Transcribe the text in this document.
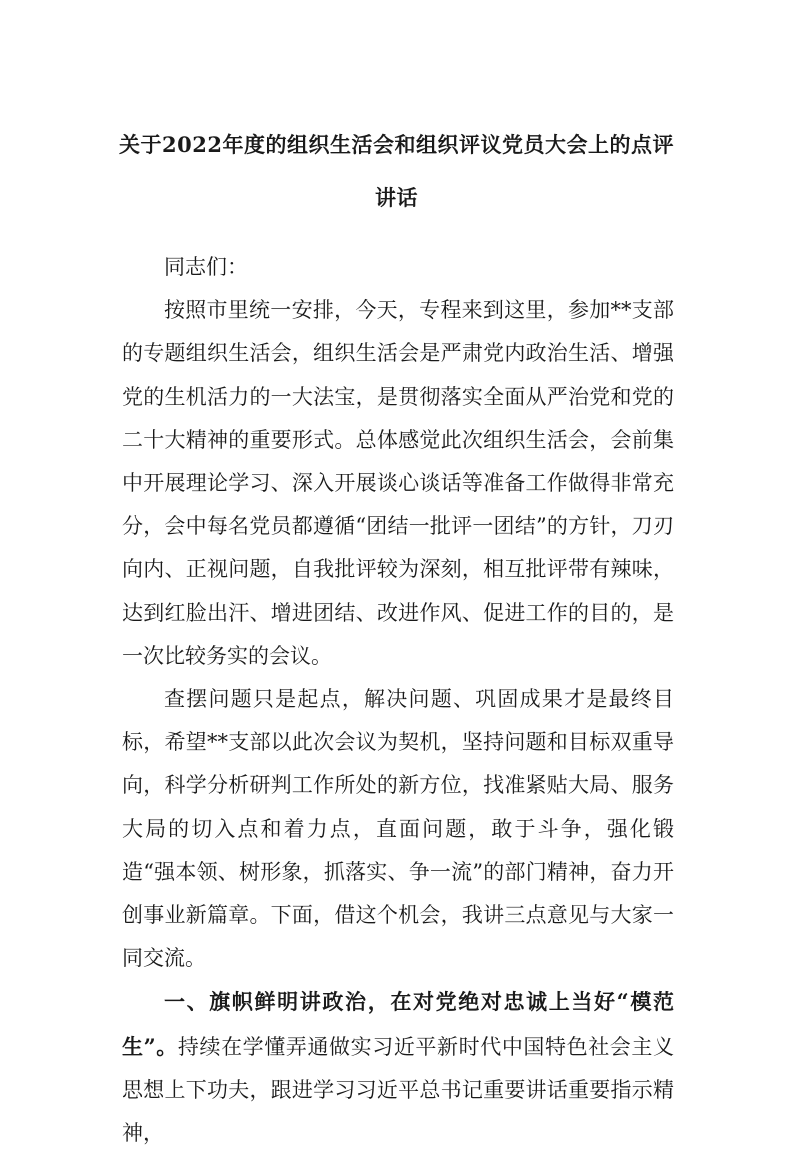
关于2022年度的组织生活会和组织评议党员大会上的点评
讲话

同志们：

按照市里统一安排，今天，专程来到这里，参加**支部的专题组织生活会，组织生活会是严肃党内政治生活、增强党的生机活力的一大法宝，是贯彻落实全面从严治党和党的二十大精神的重要形式。总体感觉此次组织生活会，会前集中开展理论学习、深入开展谈心谈话等准备工作做得非常充分，会中每名党员都遵循“团结一批评一团结”的方针，刀刃向内、正视问题，自我批评较为深刻，相互批评带有辣味，达到红脸出汗、增进团结、改进作风、促进工作的目的，是一次比较务实的会议。

查摆问题只是起点，解决问题、巩固成果才是最终目标，希望**支部以此次会议为契机，坚持问题和目标双重导向，科学分析研判工作所处的新方位，找准紧贴大局、服务大局的切入点和着力点，直面问题，敢于斗争，强化锻造“强本领、树形象，抓落实、争一流”的部门精神，奋力开创事业新篇章。下面，借这个机会，我讲三点意见与大家一同交流。

一、旗帜鲜明讲政治，在对党绝对忠诚上当好“模范生”。持续在学懂弄通做实习近平新时代中国特色社会主义思想上下功夫，跟进学习习近平总书记重要讲话重要指示精神，
